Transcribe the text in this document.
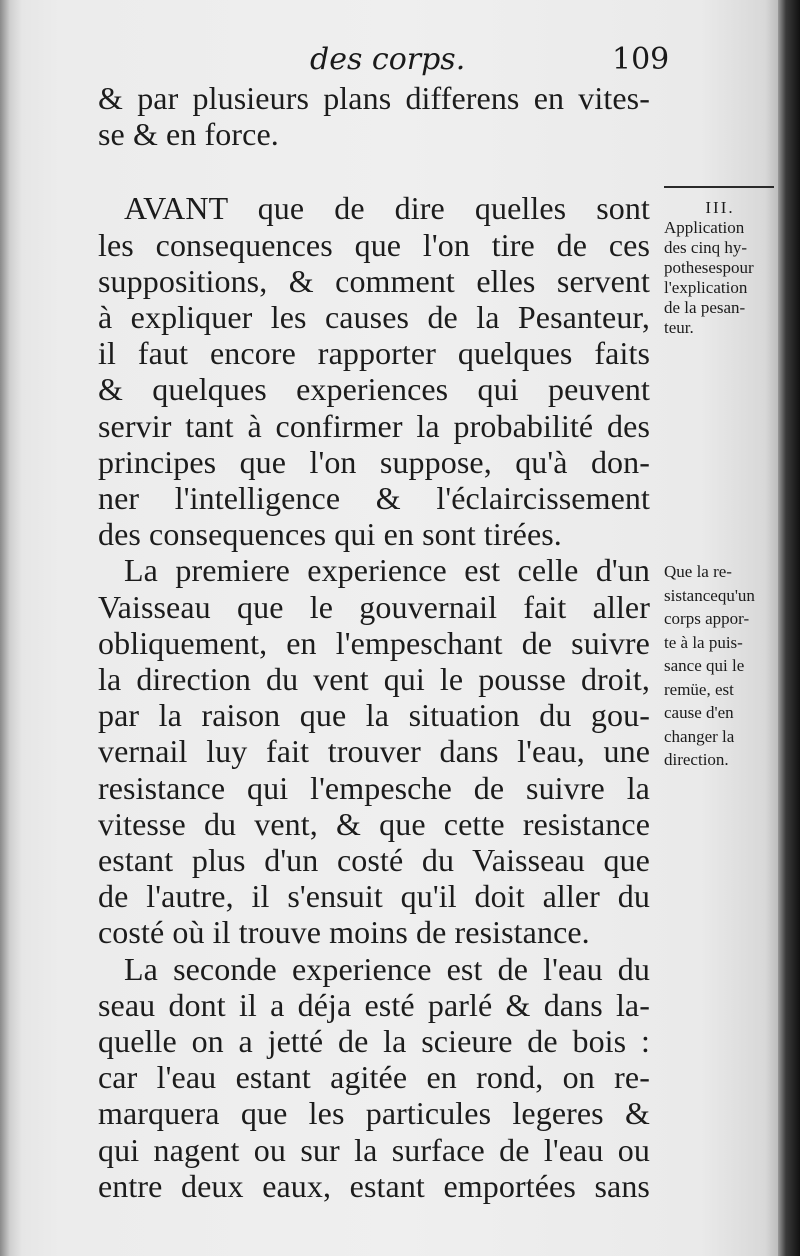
des corps.	109
& par plusieurs plans differens en vites-
se & en force.
AVANT que de dire quelles sont
les consequences que l'on tire de ces
suppositions, & comment elles servent
à expliquer les causes de la Pesanteur,
il faut encore rapporter quelques faits
& quelques experiences qui peuvent
servir tant à confirmer la probabilité des
principes que l'on suppose, qu'à don-
ner l'intelligence & l'éclaircissement
des consequences qui en sont tirées.
La premiere experience est celle d'un
Vaisseau que le gouvernail fait aller
obliquement, en l'empeschant de suivre
la direction du vent qui le pousse droit,
par la raison que la situation du gou-
vernail luy fait trouver dans l'eau, une
resistance qui l'empesche de suivre la
vitesse du vent, & que cette resistance
estant plus d'un costé du Vaisseau que
de l'autre, il s'ensuit qu'il doit aller du
costé où il trouve moins de resistance.
La seconde experience est de l'eau du
seau dont il a déja esté parlé & dans la-
quelle on a jetté de la scieure de bois :
car l'eau estant agitée en rond, on re-
marquera que les particules legeres &
qui nagent ou sur la surface de l'eau ou
entre deux eaux, estant emportées sans
III.
Application
des cinq hy-
pothesespour
l'explication
de la pesan-
teur.
Que la re-
sistancequ'un
corps appor-
te à la puis-
sance qui le
remüe, est
cause d'en
changer la
direction.
